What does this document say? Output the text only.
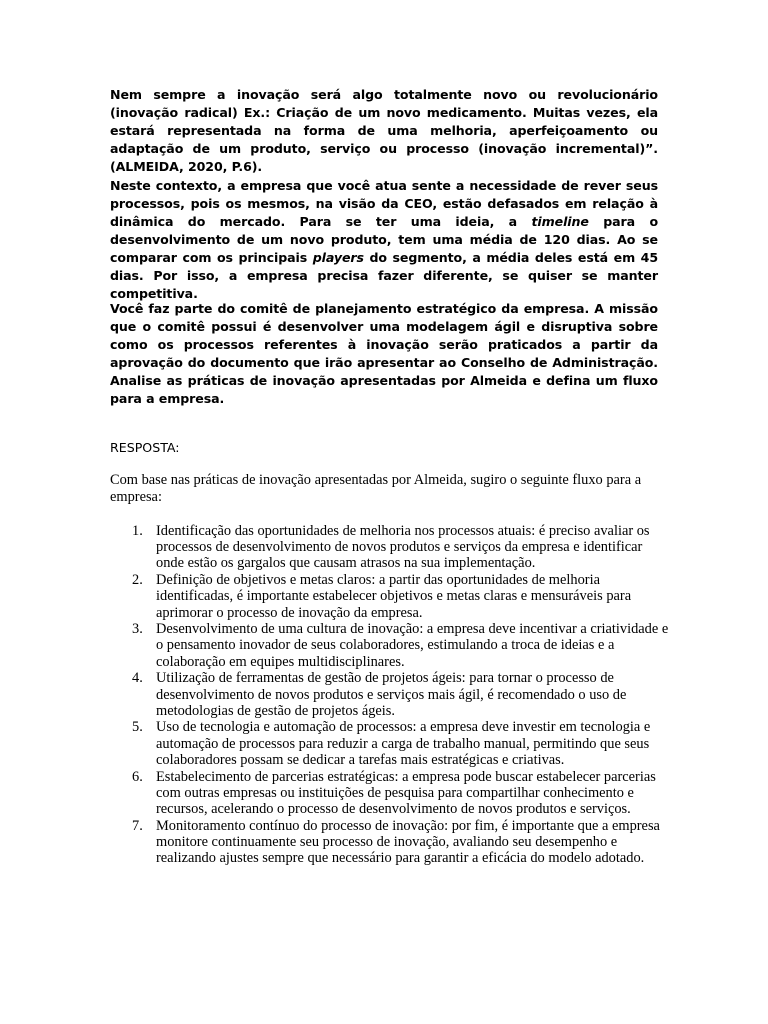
Nem sempre a inovação será algo totalmente novo ou revolucionário (inovação radical) Ex.: Criação de um novo medicamento. Muitas vezes, ela estará representada na forma de uma melhoria, aperfeiçoamento ou adaptação de um produto, serviço ou processo (inovação incremental)”. (ALMEIDA, 2020, P.6).

Neste contexto, a empresa que você atua sente a necessidade de rever seus processos, pois os mesmos, na visão da CEO, estão defasados em relação à dinâmica do mercado. Para se ter uma ideia, a timeline para o desenvolvimento de um novo produto, tem uma média de 120 dias. Ao se comparar com os principais players do segmento, a média deles está em 45 dias. Por isso, a empresa precisa fazer diferente, se quiser se manter competitiva.

Você faz parte do comitê de planejamento estratégico da empresa. A missão que o comitê possui é desenvolver uma modelagem ágil e disruptiva sobre como os processos referentes à inovação serão praticados a partir da aprovação do documento que irão apresentar ao Conselho de Administração. Analise as práticas de inovação apresentadas por Almeida e defina um fluxo para a empresa.

RESPOSTA:

Com base nas práticas de inovação apresentadas por Almeida, sugiro o seguinte fluxo para a empresa:

1. Identificação das oportunidades de melhoria nos processos atuais: é preciso avaliar os processos de desenvolvimento de novos produtos e serviços da empresa e identificar onde estão os gargalos que causam atrasos na sua implementação.
2. Definição de objetivos e metas claros: a partir das oportunidades de melhoria identificadas, é importante estabelecer objetivos e metas claras e mensuráveis para aprimorar o processo de inovação da empresa.
3. Desenvolvimento de uma cultura de inovação: a empresa deve incentivar a criatividade e o pensamento inovador de seus colaboradores, estimulando a troca de ideias e a colaboração em equipes multidisciplinares.
4. Utilização de ferramentas de gestão de projetos ágeis: para tornar o processo de desenvolvimento de novos produtos e serviços mais ágil, é recomendado o uso de metodologias de gestão de projetos ágeis.
5. Uso de tecnologia e automação de processos: a empresa deve investir em tecnologia e automação de processos para reduzir a carga de trabalho manual, permitindo que seus colaboradores possam se dedicar a tarefas mais estratégicas e criativas.
6. Estabelecimento de parcerias estratégicas: a empresa pode buscar estabelecer parcerias com outras empresas ou instituições de pesquisa para compartilhar conhecimento e recursos, acelerando o processo de desenvolvimento de novos produtos e serviços.
7. Monitoramento contínuo do processo de inovação: por fim, é importante que a empresa monitore continuamente seu processo de inovação, avaliando seu desempenho e realizando ajustes sempre que necessário para garantir a eficácia do modelo adotado.
